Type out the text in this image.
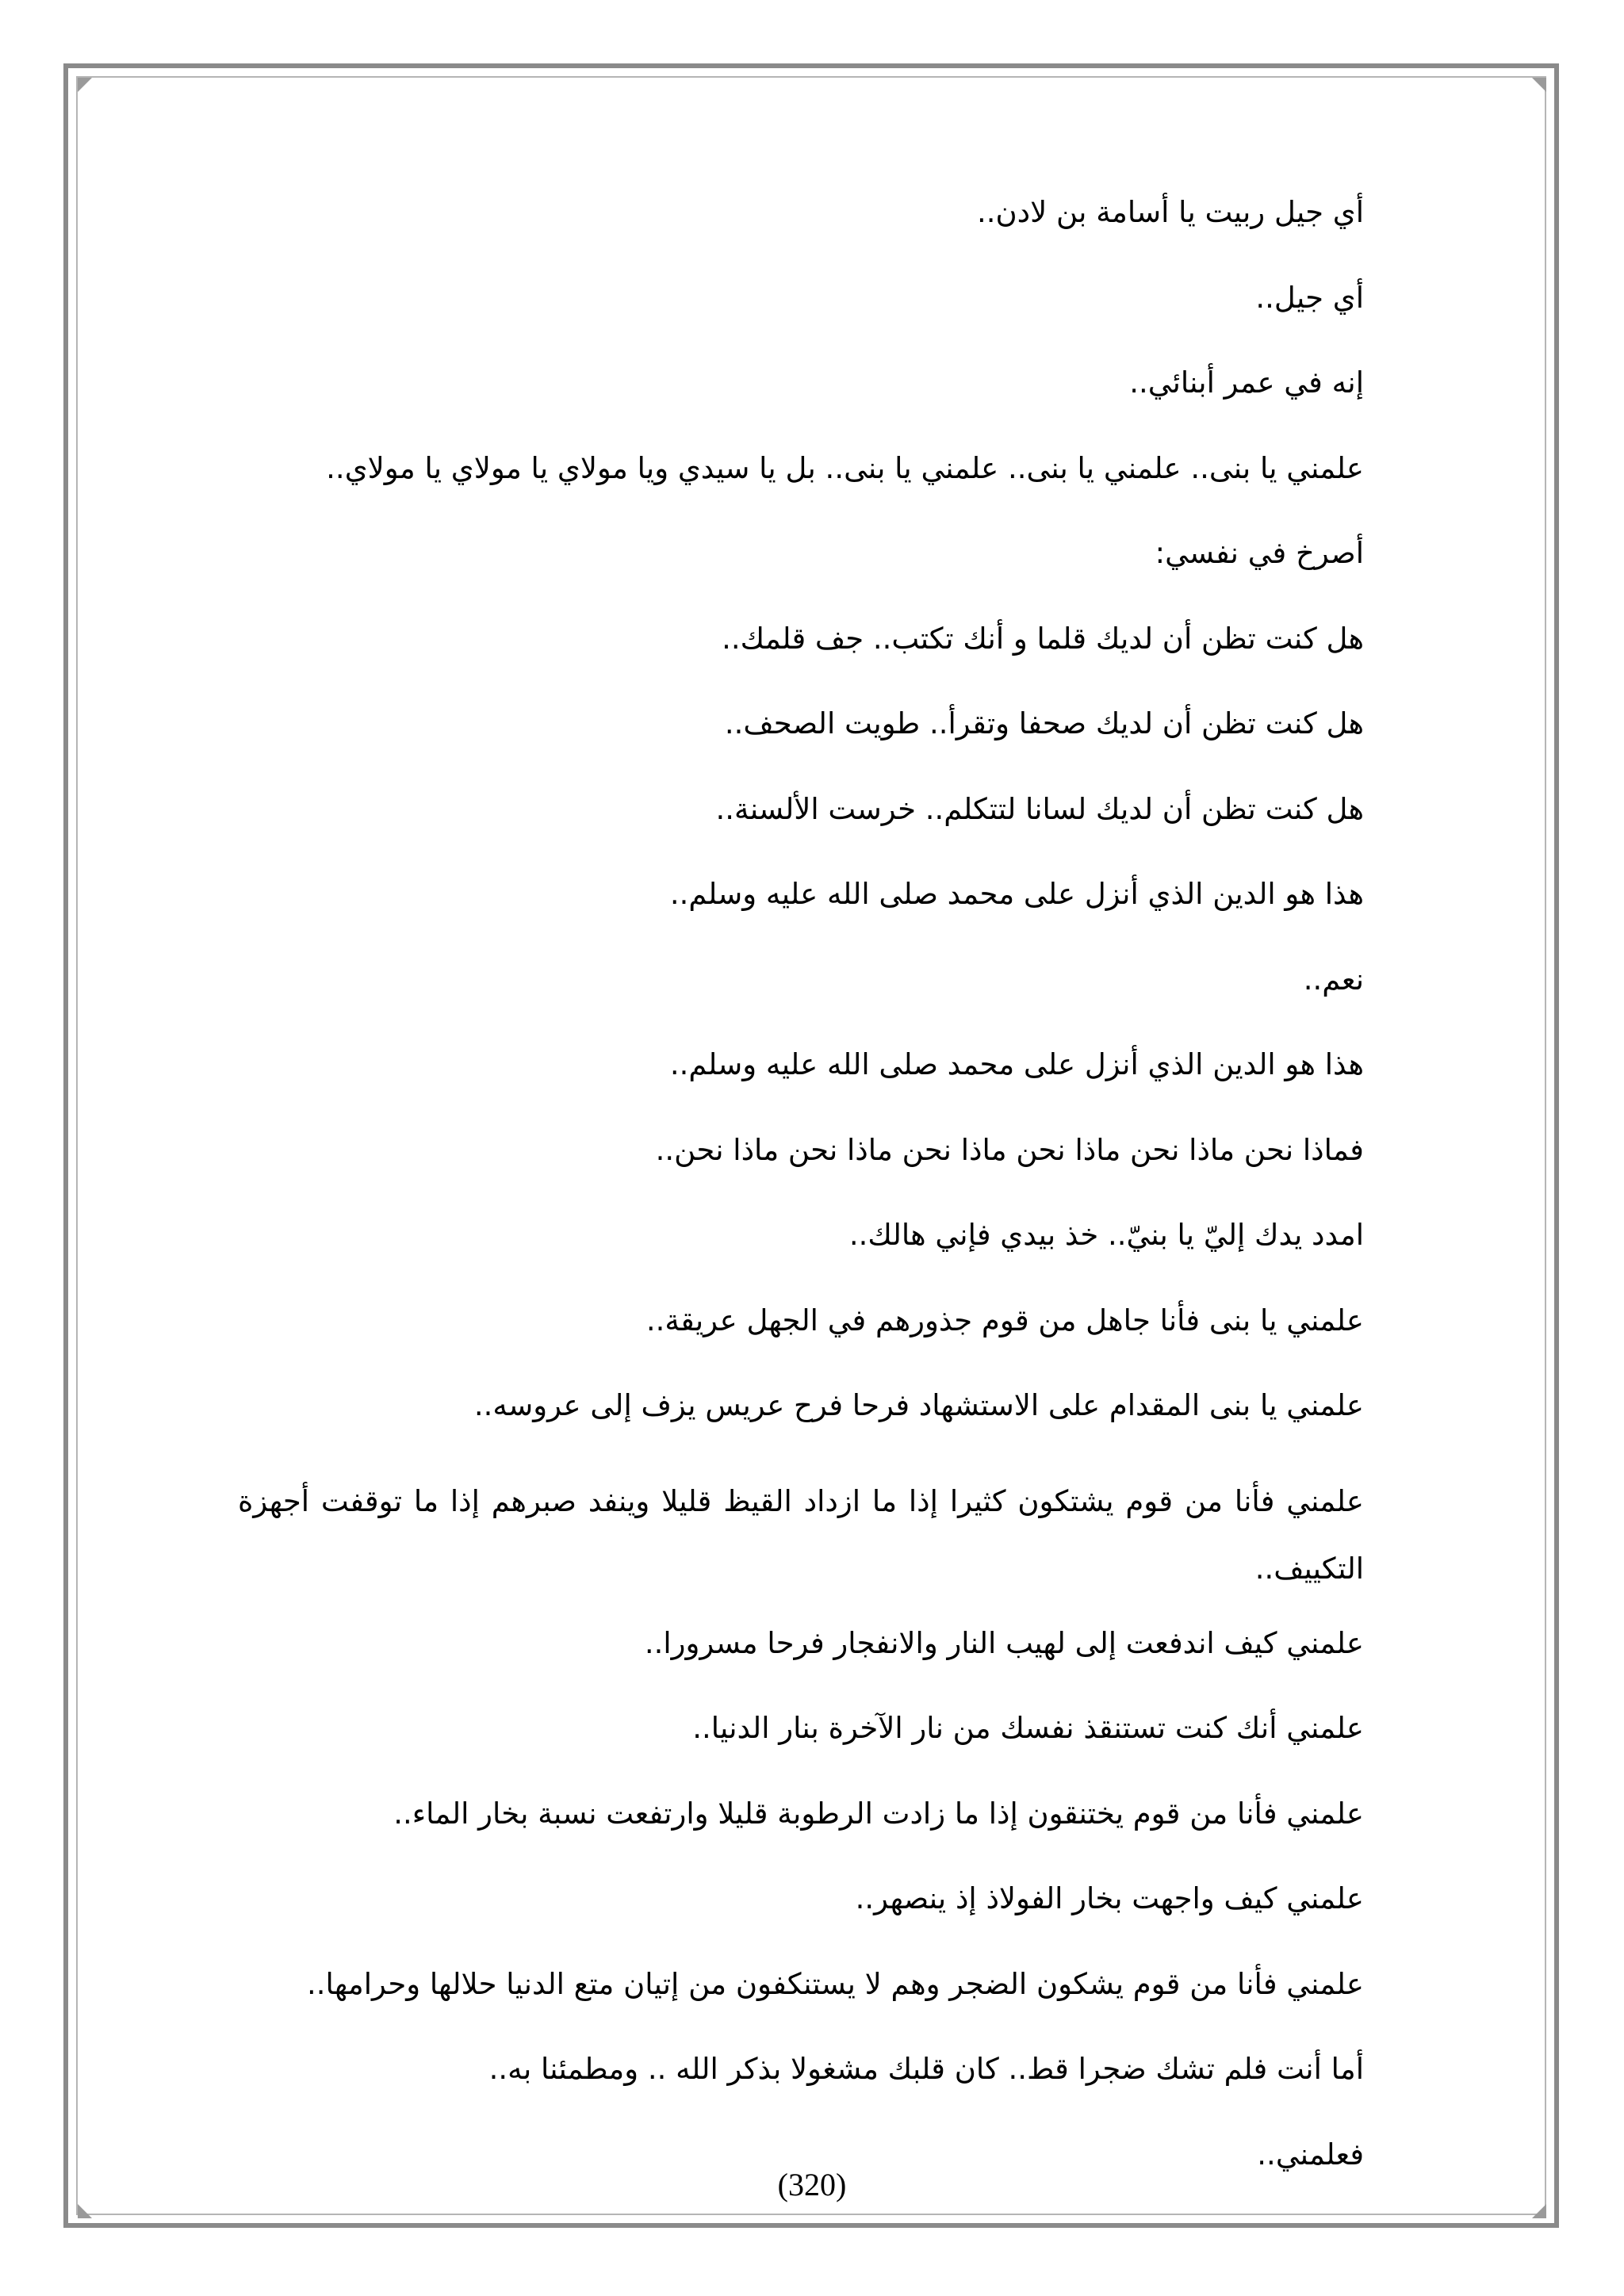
أي جيل ربيت يا أسامة بن لادن..
أي جيل..
إنه في عمر أبنائي..
علمني يا بنى.. علمني يا بنى.. علمني يا بنى.. بل يا سيدي ويا مولاي يا مولاي يا مولاي..
أصرخ في نفسي:
هل كنت تظن أن لديك قلما و أنك تكتب.. جف قلمك..
هل كنت تظن أن لديك صحفا وتقرأ.. طويت الصحف..
هل كنت تظن أن لديك لسانا لتتكلم.. خرست الألسنة..
هذا هو الدين الذي أنزل على محمد صلى الله عليه وسلم..
نعم..
هذا هو الدين الذي أنزل على محمد صلى الله عليه وسلم..
فماذا نحن ماذا نحن ماذا نحن ماذا نحن ماذا نحن ماذا نحن..
امدد يدك إليّ يا بنيّ.. خذ بيدي فإني هالك..
علمني يا بنى فأنا جاهل من قوم جذورهم في الجهل عريقة..
علمني يا بنى المقدام على الاستشهاد فرحا فرح عريس يزف إلى عروسه..
علمني فأنا من قوم يشتكون كثيرا إذا ما ازداد القيظ قليلا وينفد صبرهم إذا ما توقفت أجهزة التكييف..
علمني كيف اندفعت إلى لهيب النار والانفجار فرحا مسرورا..
علمني أنك كنت تستنقذ نفسك من نار الآخرة بنار الدنيا..
علمني فأنا من قوم يختنقون إذا ما زادت الرطوبة قليلا وارتفعت نسبة بخار الماء..
علمني كيف واجهت بخار الفولاذ إذ ينصهر..
علمني فأنا من قوم يشكون الضجر وهم لا يستنكفون من إتيان متع الدنيا حلالها وحرامها..
أما أنت فلم تشك ضجرا قط.. كان قلبك مشغولا بذكر الله .. ومطمئنا به..
فعلمني..
(320)
